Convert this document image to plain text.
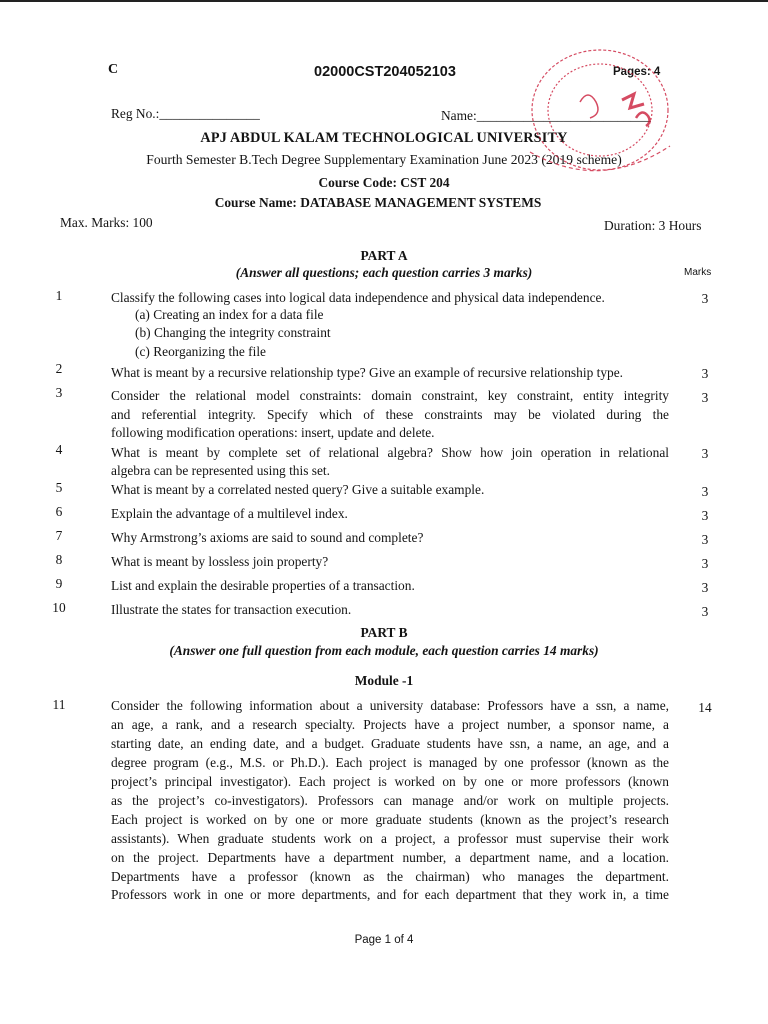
C	02000CST204052103	Pages: 4
Reg No.:_______________	Name:__________________________
APJ ABDUL KALAM TECHNOLOGICAL UNIVERSITY
Fourth Semester B.Tech Degree Supplementary Examination June 2023 (2019 scheme)
Course Code: CST 204
Course Name: DATABASE MANAGEMENT SYSTEMS
Max. Marks: 100	Duration: 3 Hours
PART A
(Answer all questions; each question carries 3 marks)	Marks
1	Classify the following cases into logical data independence and physical data independence.	3
(a) Creating an index for a data file
(b) Changing the integrity constraint
(c) Reorganizing the file
2	What is meant by a recursive relationship type? Give an example of recursive relationship type.	3
3	Consider the relational model constraints: domain constraint, key constraint, entity integrity
and referential integrity. Specify which of these constraints may be violated during the
following modification operations: insert, update and delete.
3
4	What is meant by complete set of relational algebra? Show how join operation in relational
algebra can be represented using this set.
3
5	What is meant by a correlated nested query? Give a suitable example.	3
6	Explain the advantage of a multilevel index.	3
7	Why Armstrong’s axioms are said to sound and complete?	3
8	What is meant by lossless join property?	3
9	List and explain the desirable properties of a transaction.	3
10	Illustrate the states for transaction execution.	3
PART B
(Answer one full question from each module, each question carries 14 marks)
Module -1
11	14
Consider the following information about a university database: Professors have a ssn, a name,
an age, a rank, and a research specialty. Projects have a project number, a sponsor name, a
starting date, an ending date, and a budget. Graduate students have ssn, a name, an age, and a
degree program (e.g., M.S. or Ph.D.). Each project is managed by one professor (known as the
project’s principal investigator). Each project is worked on by one or more professors (known
as the project’s co-investigators). Professors can manage and/or work on multiple projects.
Each project is worked on by one or more graduate students (known as the project’s research
assistants). When graduate students work on a project, a professor must supervise their work
on the project. Departments have a department number, a department name, and a location.
Departments have a professor (known as the chairman) who manages the department.
Professors work in one or more departments, and for each department that they work in, a time
Page 1 of 4
